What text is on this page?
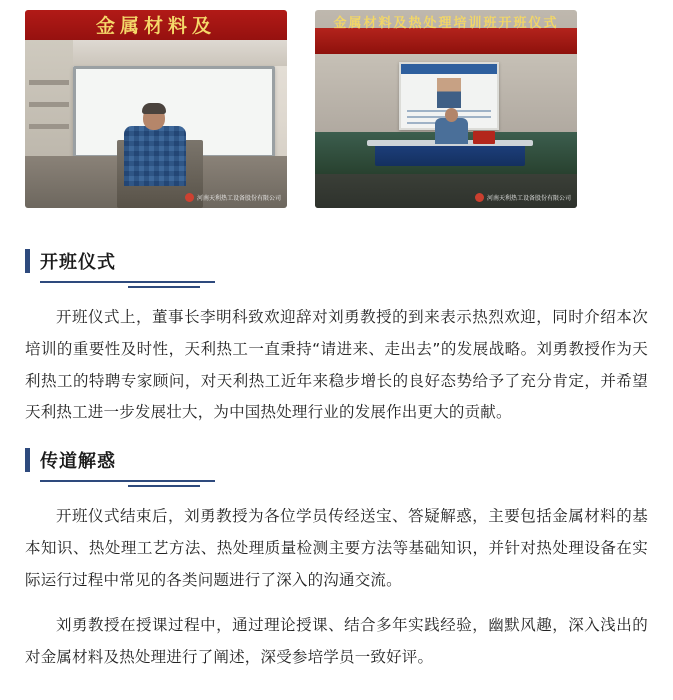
金属材料及
河南天利热工设备股份有限公司
金属材料及热处理培训班开班仪式
河南天利热工设备股份有限公司
开班仪式

开班仪式上，董事长李明科致欢迎辞对刘勇教授的到来表示热烈欢迎，同时介绍本次培训的重要性及时性，天利热工一直秉持“请进来、走出去”的发展战略。刘勇教授作为天利热工的特聘专家顾问，对天利热工近年来稳步增长的良好态势给予了充分肯定，并希望天利热工进一步发展壮大，为中国热处理行业的发展作出更大的贡献。

传道解惑

开班仪式结束后，刘勇教授为各位学员传经送宝、答疑解惑，主要包括金属材料的基本知识、热处理工艺方法、热处理质量检测主要方法等基础知识，并针对热处理设备在实际运行过程中常见的各类问题进行了深入的沟通交流。

刘勇教授在授课过程中，通过理论授课、结合多年实践经验，幽默风趣，深入浅出的对金属材料及热处理进行了阐述，深受参培学员一致好评。
